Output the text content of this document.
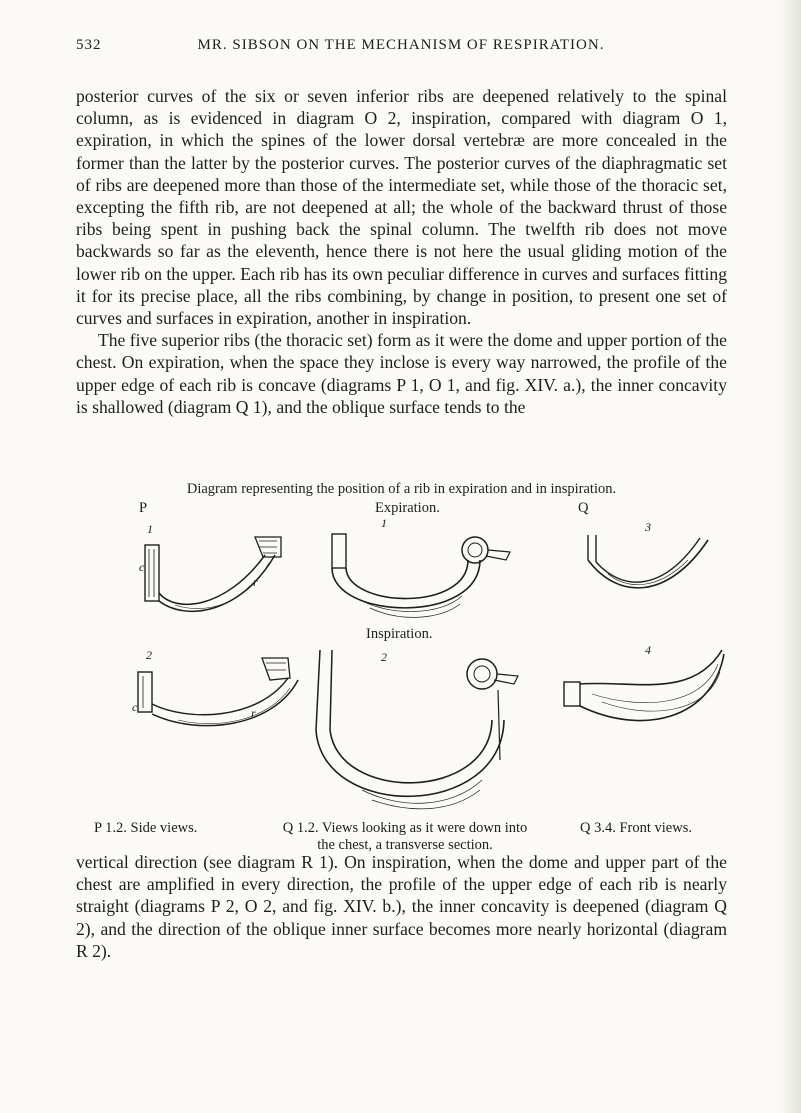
532	MR. SIBSON ON THE MECHANISM OF RESPIRATION.

posterior curves of the six or seven inferior ribs are deepened relatively to the spinal column, as is evidenced in diagram O 2, inspiration, compared with diagram O 1, expiration, in which the spines of the lower dorsal vertebræ are more concealed in the former than the latter by the posterior curves. The posterior curves of the diaphragmatic set of ribs are deepened more than those of the intermediate set, while those of the thoracic set, excepting the fifth rib, are not deepened at all; the whole of the backward thrust of those ribs being spent in pushing back the spinal column. The twelfth rib does not move backwards so far as the eleventh, hence there is not here the usual gliding motion of the lower rib on the upper. Each rib has its own peculiar difference in curves and surfaces fitting it for its precise place, all the ribs combining, by change in position, to present one set of curves and surfaces in expiration, another in inspiration.

The five superior ribs (the thoracic set) form as it were the dome and upper portion of the chest. On expiration, when the space they inclose is every way narrowed, the profile of the upper edge of each rib is concave (diagrams P 1, O 1, and fig. XIV. a.), the inner concavity is shallowed (diagram Q 1), and the oblique surface tends to the

Diagram representing the position of a rib in expiration and in inspiration.
P	Expiration.	Q
Inspiration.
1	1	3
2	2	4
c
r
c	r
P 1.2. Side views.	Q 1.2. Views looking as it were down into
the chest, a transverse section.
Q 3.4. Front views.

vertical direction (see diagram R 1). On inspiration, when the dome and upper part of the chest are amplified in every direction, the profile of the upper edge of each rib is nearly straight (diagrams P 2, O 2, and fig. XIV. b.), the inner concavity is deepened (diagram Q 2), and the direction of the oblique inner surface becomes more nearly horizontal (diagram R 2).
